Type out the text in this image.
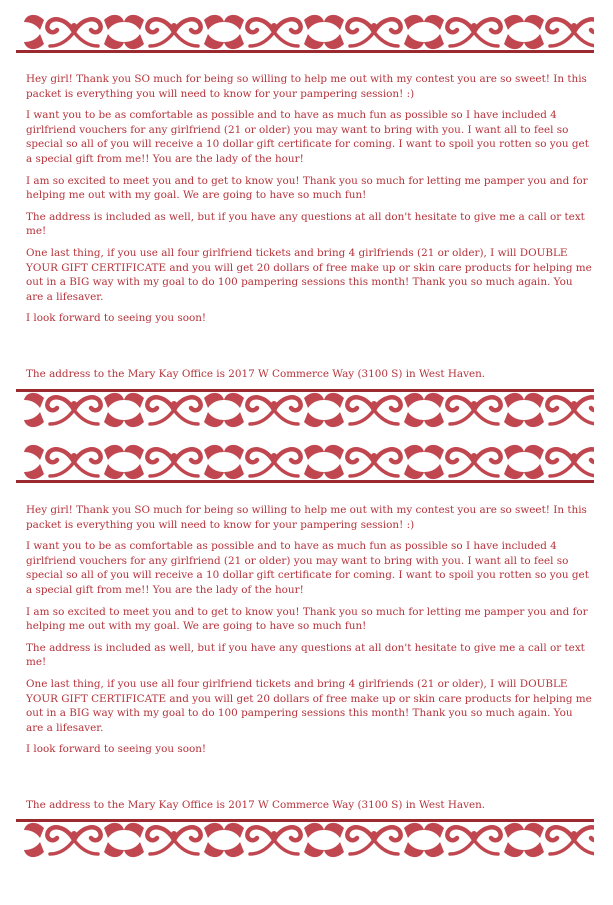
Hey girl! Thank you SO much for being so willing to help me out with my contest you are so sweet! In this packet is everything you will need to know for your pampering session! :)

I want you to be as comfortable as possible and to have as much fun as possible so I have included 4 girlfriend vouchers for any girlfriend (21 or older) you may want to bring with you. I want all to feel so special so all of you will receive a 10 dollar gift certificate for coming. I want to spoil you rotten so you get a special gift from me!! You are the lady of the hour!

I am so excited to meet you and to get to know you! Thank you so much for letting me pamper you and for helping me out with my goal. We are going to have so much fun!

The address is included as well, but if you have any questions at all don't hesitate to give me a call or text me!

One last thing, if you use all four girlfriend tickets and bring 4 girlfriends (21 or older), I will DOUBLE YOUR GIFT CERTIFICATE and you will get 20 dollars of free make up or skin care products for helping me out in a BIG way with my goal to do 100 pampering sessions this month! Thank you so much again. You are a lifesaver.

I look forward to seeing you soon!

The address to the Mary Kay Office is 2017 W Commerce Way (3100 S) in West Haven.

Hey girl! Thank you SO much for being so willing to help me out with my contest you are so sweet! In this packet is everything you will need to know for your pampering session! :)

I want you to be as comfortable as possible and to have as much fun as possible so I have included 4 girlfriend vouchers for any girlfriend (21 or older) you may want to bring with you. I want all to feel so special so all of you will receive a 10 dollar gift certificate for coming. I want to spoil you rotten so you get a special gift from me!! You are the lady of the hour!

I am so excited to meet you and to get to know you! Thank you so much for letting me pamper you and for helping me out with my goal. We are going to have so much fun!

The address is included as well, but if you have any questions at all don't hesitate to give me a call or text me!

One last thing, if you use all four girlfriend tickets and bring 4 girlfriends (21 or older), I will DOUBLE YOUR GIFT CERTIFICATE and you will get 20 dollars of free make up or skin care products for helping me out in a BIG way with my goal to do 100 pampering sessions this month! Thank you so much again. You are a lifesaver.

I look forward to seeing you soon!

The address to the Mary Kay Office is 2017 W Commerce Way (3100 S) in West Haven.
